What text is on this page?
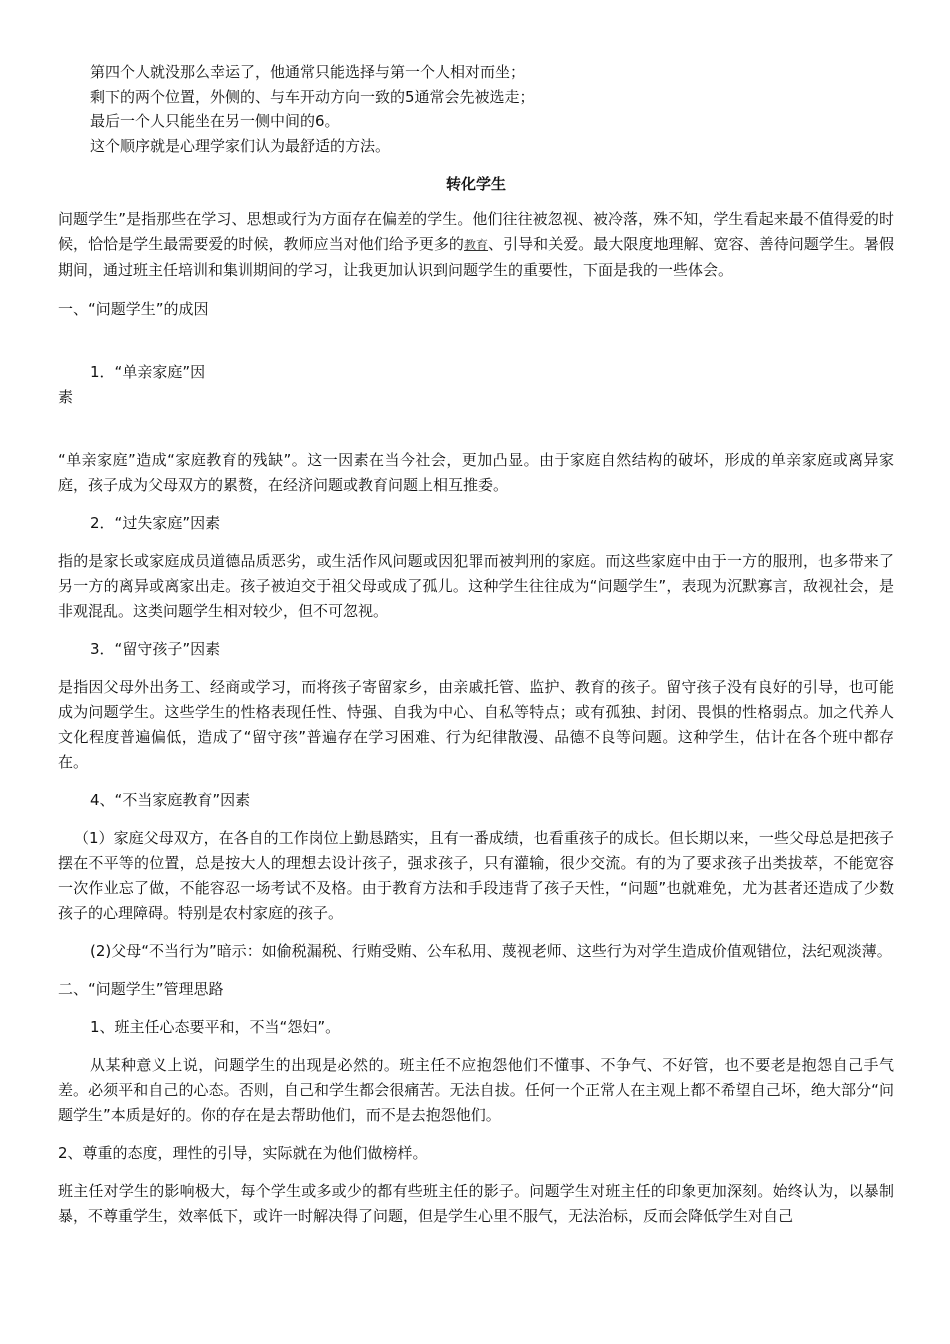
第四个人就没那么幸运了，他通常只能选择与第一个人相对而坐；

剩下的两个位置，外侧的、与车开动方向一致的5通常会先被选走；

最后一个人只能坐在另一侧中间的6。

这个顺序就是心理学家们认为最舒适的方法。

转化学生

问题学生”是指那些在学习、思想或行为方面存在偏差的学生。他们往往被忽视、被冷落，殊不知，学生看起来最不值得爱的时候，恰恰是学生最需要爱的时候，教师应当对他们给予更多的教育、引导和关爱。最大限度地理解、宽容、善待问题学生。暑假期间，通过班主任培训和集训期间的学习，让我更加认识到问题学生的重要性，下面是我的一些体会。

一、“问题学生”的成因

1．“单亲家庭”因

素

“单亲家庭”造成“家庭教育的残缺”。这一因素在当今社会，更加凸显。由于家庭自然结构的破坏，形成的单亲家庭或离异家庭，孩子成为父母双方的累赘，在经济问题或教育问题上相互推委。

2．“过失家庭”因素

指的是家长或家庭成员道德品质恶劣，或生活作风问题或因犯罪而被判刑的家庭。而这些家庭中由于一方的服刑，也多带来了另一方的离异或离家出走。孩子被迫交于祖父母或成了孤儿。这种学生往往成为“问题学生”，表现为沉默寡言，敌视社会，是非观混乱。这类问题学生相对较少，但不可忽视。

3．“留守孩子”因素

是指因父母外出务工、经商或学习，而将孩子寄留家乡，由亲戚托管、监护、教育的孩子。留守孩子没有良好的引导，也可能成为问题学生。这些学生的性格表现任性、恃强、自我为中心、自私等特点；或有孤独、封闭、畏惧的性格弱点。加之代养人文化程度普遍偏低，造成了“留守孩”普遍存在学习困难、行为纪律散漫、品德不良等问题。这种学生，估计在各个班中都存在。

4、“不当家庭教育”因素

（1）家庭父母双方，在各自的工作岗位上勤恳踏实，且有一番成绩，也看重孩子的成长。但长期以来，一些父母总是把孩子摆在不平等的位置，总是按大人的理想去设计孩子，强求孩子，只有灌输，很少交流。有的为了要求孩子出类拔萃，不能宽容一次作业忘了做，不能容忍一场考试不及格。由于教育方法和手段违背了孩子天性，“问题”也就难免，尤为甚者还造成了少数孩子的心理障碍。特别是农村家庭的孩子。

(2)父母“不当行为”暗示：如偷税漏税、行贿受贿、公车私用、蔑视老师、这些行为对学生造成价值观错位，法纪观淡薄。

二、“问题学生”管理思路

1、班主任心态要平和，不当“怨妇”。

从某种意义上说，问题学生的出现是必然的。班主任不应抱怨他们不懂事、不争气、不好管，也不要老是抱怨自己手气差。必须平和自己的心态。否则，自己和学生都会很痛苦。无法自拔。任何一个正常人在主观上都不希望自己坏，绝大部分“问题学生”本质是好的。你的存在是去帮助他们，而不是去抱怨他们。

2、尊重的态度，理性的引导，实际就在为他们做榜样。

班主任对学生的影响极大，每个学生或多或少的都有些班主任的影子。问题学生对班主任的印象更加深刻。始终认为，以暴制暴，不尊重学生，效率低下，或许一时解决得了问题，但是学生心里不服气，无法治标，反而会降低学生对自己
